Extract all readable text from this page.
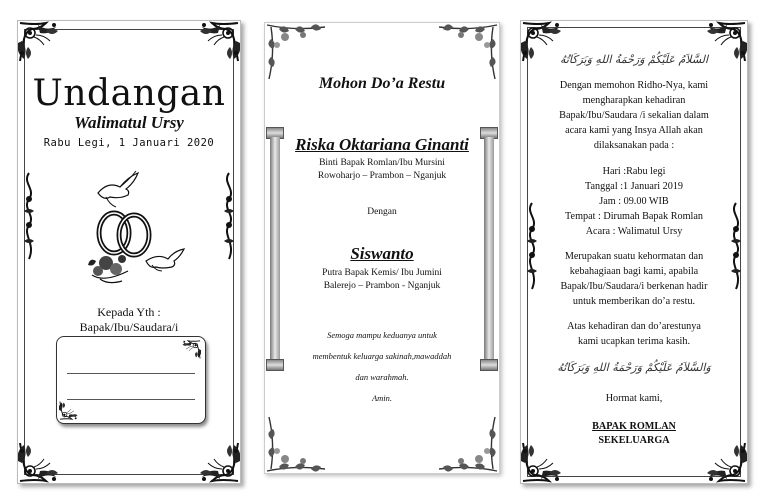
Undangan
Walimatul Ursy
Rabu Legi, 1 Januari 2020
Kepada Yth :
Bapak/Ibu/Saudara/i
Mohon Do’a Restu
Riska Oktariana Ginanti
Binti Bapak Romlan/Ibu Mursini
Rowoharjo – Prambon – Nganjuk
Dengan
Siswanto
Putra Bapak Kemis/ Ibu Jumini
Balerejo – Prambon - Nganjuk
Semoga mampu keduanya untuk
membentuk keluarga sakinah,mawaddah
dan warahmah.
Amin.
السَّلاَمُ عَلَيْكُمْ وَرَحْمَةُ اللهِ وَبَرَكَاتُهُ
Dengan memohon Ridho-Nya, kami
mengharapkan kehadiran
Bapak/Ibu/Saudara /i sekalian dalam
acara kami yang Insya Allah akan
dilaksanakan pada :
Hari :Rabu legi
Tanggal :1 Januari 2019
Jam : 09.00 WIB
Tempat : Dirumah Bapak Romlan
Acara : Walimatul Ursy
Merupakan suatu kehormatan dan
kebahagiaan bagi kami, apabila
Bapak/Ibu/Saudara/i berkenan hadir
untuk memberikan do’a restu.
Atas kehadiran dan do’arestunya
kami ucapkan terima kasih.
وَالسَّلاَمُ عَلَيْكُمْ وَرَحْمَةُ اللهِ وَبَرَكَاتُهُ
Hormat kami,
BAPAK ROMLAN
SEKELUARGA
